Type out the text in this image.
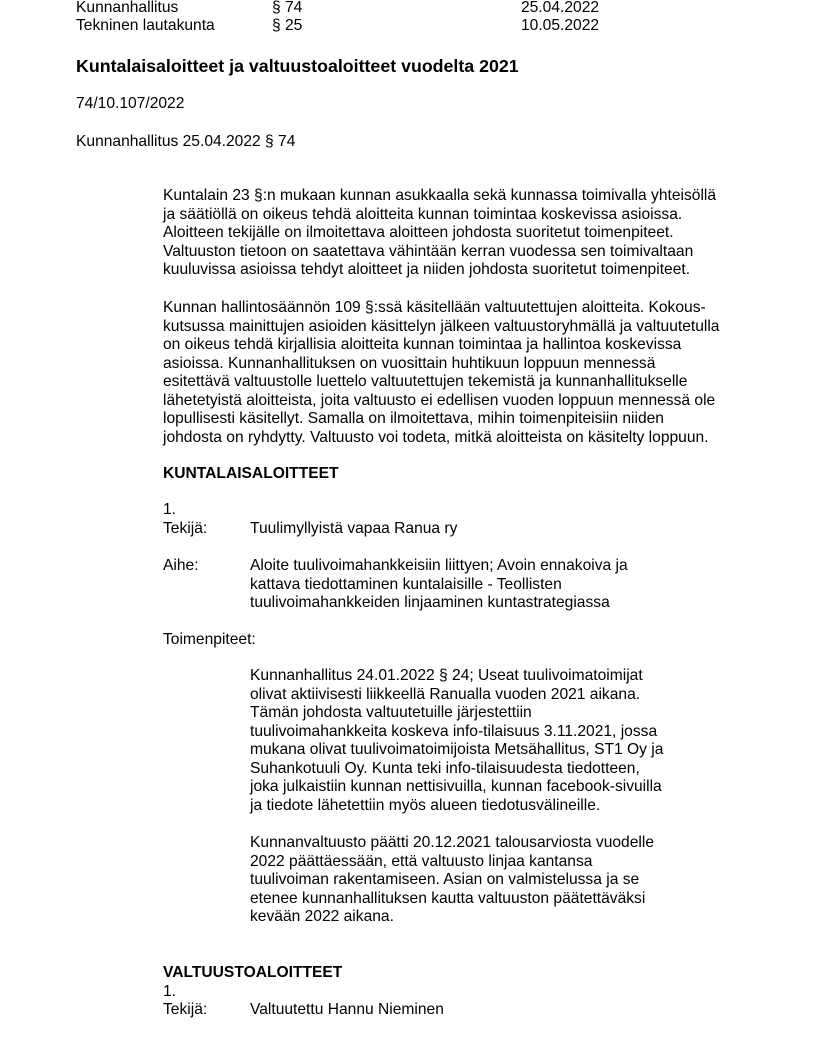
Kunnanhallitus	§ 74	25.04.2022
Tekninen lautakunta	§ 25	10.05.2022
Kuntalaisaloitteet ja valtuustoaloitteet vuodelta 2021
74/10.107/2022
Kunnanhallitus 25.04.2022 § 74
Kuntalain 23 §:n mukaan kunnan asukkaalla sekä kunnassa toimivalla yhteisöllä
ja säätiöllä on oikeus tehdä aloitteita kunnan toimintaa koskevissa asioissa.
Aloitteen tekijälle on ilmoitettava aloitteen johdosta suoritetut toimenpiteet.
Valtuuston tietoon on saatettava vähintään kerran vuodessa sen toimivaltaan
kuuluvissa asioissa tehdyt aloitteet ja niiden johdosta suoritetut toimenpiteet.
Kunnan hallintosäännön 109 §:ssä käsitellään valtuutettujen aloitteita. Kokous-
kutsussa mainittujen asioiden käsittelyn jälkeen valtuustoryhmällä ja valtuutetulla
on oikeus tehdä kirjallisia aloitteita kunnan toimintaa ja hallintoa koskevissa
asioissa. Kunnanhallituksen on vuosittain huhtikuun loppuun mennessä
esitettävä valtuustolle luettelo valtuutettujen tekemistä ja kunnanhallitukselle
lähetetyistä aloitteista, joita valtuusto ei edellisen vuoden loppuun mennessä ole
lopullisesti käsitellyt. Samalla on ilmoitettava, mihin toimenpiteisiin niiden
johdosta on ryhdytty. Valtuusto voi todeta, mitkä aloitteista on käsitelty loppuun.
KUNTALAISALOITTEET
1.
Tekijä:	Tuulimyllyistä vapaa Ranua ry
Aihe:	Aloite tuulivoimahankkeisiin liittyen; Avoin ennakoiva ja
kattava tiedottaminen kuntalaisille - Teollisten
tuulivoimahankkeiden linjaaminen kuntastrategiassa
Toimenpiteet:
Kunnanhallitus 24.01.2022 § 24; Useat tuulivoimatoimijat
olivat aktiivisesti liikkeellä Ranualla vuoden 2021 aikana.
Tämän johdosta valtuutetuille järjestettiin
tuulivoimahankkeita koskeva info-tilaisuus 3.11.2021, jossa
mukana olivat tuulivoimatoimijoista Metsähallitus, ST1 Oy ja
Suhankotuuli Oy. Kunta teki info-tilaisuudesta tiedotteen,
joka julkaistiin kunnan nettisivuilla, kunnan facebook-sivuilla
ja tiedote lähetettiin myös alueen tiedotusvälineille.
Kunnanvaltuusto päätti 20.12.2021 talousarviosta vuodelle
2022 päättäessään, että valtuusto linjaa kantansa
tuulivoiman rakentamiseen. Asian on valmistelussa ja se
etenee kunnanhallituksen kautta valtuuston päätettäväksi
kevään 2022 aikana.
VALTUUSTOALOITTEET
1.
Tekijä:	Valtuutettu Hannu Nieminen
